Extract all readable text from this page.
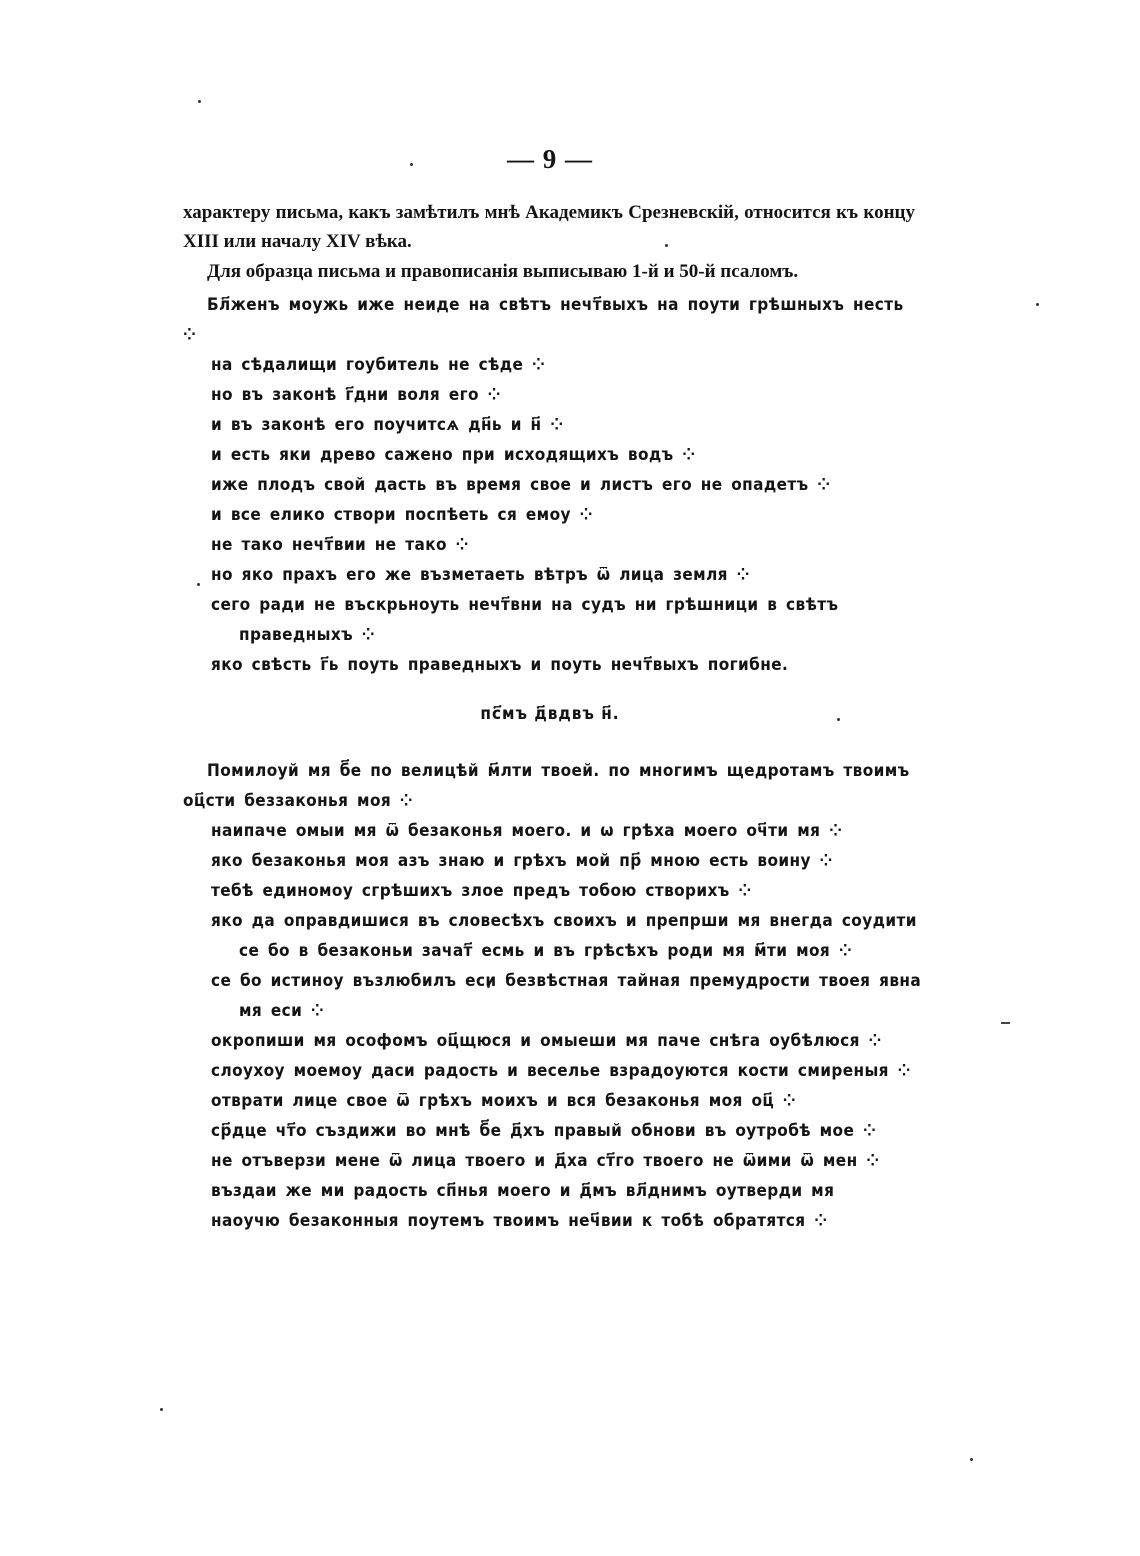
— 9 —

характеру письма, какъ замѣтилъ мнѣ Академикъ Срезневскій, относится къ концу XIII или началу XIV вѣка.

Для образца письма и правописанія выписываю 1-й и 50-й псаломъ.

Бл҃женъ моужь иже неиде на свѣтъ нечт҃выхъ на поути грѣшныхъ несть ⁘
на сѣдалищи гоубитель не сѣде ⁘
но въ законѣ г҃дни воля его ⁘
и въ законѣ его поучитсѧ дн҃ь и н҃ ⁘
и есть яки древо сажено при исходящихъ водъ ⁘
иже плодъ свой дасть въ время свое и листъ его не опадетъ ⁘
и все елико створи поспѣеть ся емоу ⁘
не тако нечт҃вии не тако ⁘
но яко прахъ его же възметаеть вѣтръ ѿ лица земля ⁘
сего ради не въскрьноуть нечт҃вни на судъ ни грѣшници в свѣтъ праведныхъ ⁘
яко свѣсть г҃ь поуть праведныхъ и поуть нечт҃выхъ погибне.
пс҃мъ д҃вдвъ н҃.
Помилоуй мя б҃е по велицѣй м҃лти твоей. по многимъ щедротамъ твоимъ оц҃сти беззаконья моя ⁘
наипаче омыи мя ѿ безаконья моего. и ѡ грѣха моего оч҃ти мя ⁘
яко безаконья моя азъ знаю и грѣхъ мой пр҃ мною есть воину ⁘
тебѣ единомоу сгрѣшихъ злое предъ тобою створихъ ⁘
яко да оправдишися въ словесѣхъ своихъ и препрши мя внегда соудити се бо в безаконьи зачат҃ есмь и въ грѣсѣхъ роди мя м҃ти моя ⁘
се бо истиноу възлюбилъ еси безвѣстная тайная премудрости твоея явна мя еси ⁘
окропиши мя ософомъ оц҃щюся и омыеши мя паче снѣга оубѣлюся ⁘
слоухоу моемоу даси радость и веселье взрадоуются кости смиреныя ⁘
отврати лице свое ѿ грѣхъ моихъ и вся безаконья моя оц҃ ⁘
ср҃дце чт҃о създижи во мнѣ б҃е д҃хъ правый обнови въ оутробѣ мое ⁘
не отъверзи мене ѿ лица твоего и д҃ха ст҃го твоего не ѿими ѿ мен ⁘
въздаи же ми радость сп҃нья моего и д҃мъ вл҃днимъ оутверди мя
наоучю безаконныя поутемъ твоимъ неч҃вии к тобѣ обратятся ⁘
